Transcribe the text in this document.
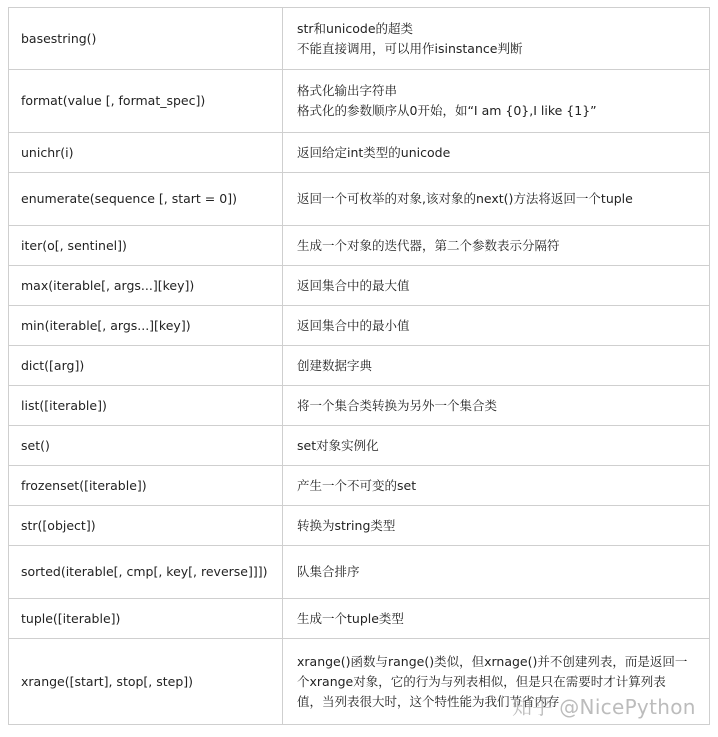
basestring()	str和unicode的超类
不能直接调用，可以用作isinstance判断

format(value [, format_spec])	格式化输出字符串
格式化的参数顺序从0开始，如“I am {0},I like {1}”

unichr(i)	返回给定int类型的unicode

enumerate(sequence [, start = 0])	返回一个可枚举的对象,该对象的next()方法将返回一个tuple

iter(o[, sentinel])	生成一个对象的迭代器，第二个参数表示分隔符

max(iterable[, args...][key])	返回集合中的最大值

min(iterable[, args...][key])	返回集合中的最小值

dict([arg])	创建数据字典

list([iterable])	将一个集合类转换为另外一个集合类

set()	set对象实例化

frozenset([iterable])	产生一个不可变的set

str([object])	转换为string类型

sorted(iterable[, cmp[, key[, reverse]]])	队集合排序

tuple([iterable])	生成一个tuple类型

xrange([start], stop[, step])	xrange()函数与range()类似，但xrnage()并不创建列表，而是返回一
个xrange对象，它的行为与列表相似，但是只在需要时才计算列表
值，当列表很大时，这个特性能为我们节省内存
知乎 @NicePython
